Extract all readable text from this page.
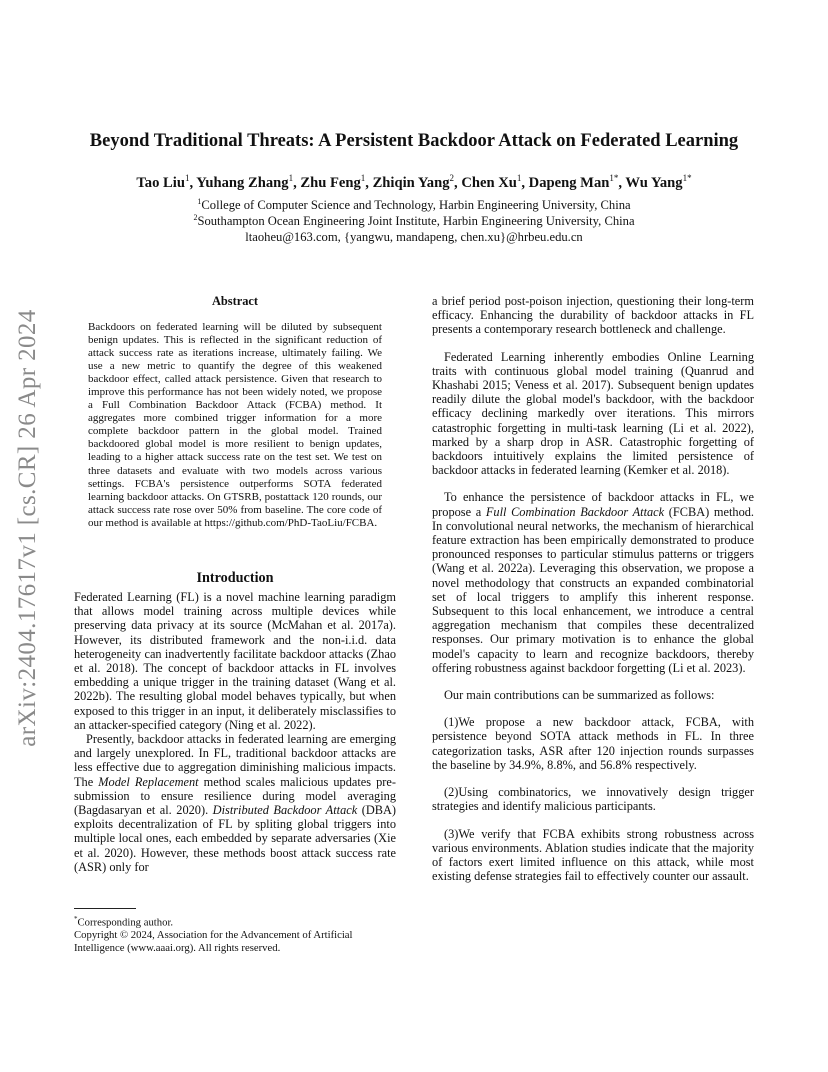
arXiv:2404.17617v1 [cs.CR] 26 Apr 2024
Beyond Traditional Threats: A Persistent Backdoor Attack on Federated Learning
Tao Liu$^1$, Yuhang Zhang$^1$, Zhu Feng$^1$, Zhiqin Yang$^2$, Chen Xu$^1$, Dapeng Man$^{1*}$, Wu Yang$^{1*}$
$^1$College of Computer Science and Technology, Harbin Engineering University, China
$^2$Southampton Ocean Engineering Joint Institute, Harbin Engineering University, China
ltaoheu@163.com, {yangwu, mandapeng, chen.xu}@hrbeu.edu.cn
Abstract
Backdoors on federated learning will be diluted by subsequent benign updates. This is reflected in the significant reduction of attack success rate as iterations increase, ultimately failing. We use a new metric to quantify the degree of this weakened backdoor effect, called attack persistence. Given that research to improve this performance has not been widely noted, we propose a Full Combination Backdoor Attack (FCBA) method. It aggregates more combined trigger information for a more complete backdoor pattern in the global model. Trained backdoored global model is more resilient to benign updates, leading to a higher attack success rate on the test set. We test on three datasets and evaluate with two models across various settings. FCBA's persistence outperforms SOTA federated learning backdoor attacks. On GTSRB, postattack 120 rounds, our attack success rate rose over 50% from baseline. The core code of our method is available at https://github.com/PhD-TaoLiu/FCBA.
Introduction

Federated Learning (FL) is a novel machine learning paradigm that allows model training across multiple devices while preserving data privacy at its source (McMahan et al. 2017a). However, its distributed framework and the non-i.i.d. data heterogeneity can inadvertently facilitate backdoor attacks (Zhao et al. 2018). The concept of backdoor attacks in FL involves embedding a unique trigger in the training dataset (Wang et al. 2022b). The resulting global model behaves typically, but when exposed to this trigger in an input, it deliberately misclassifies to an attacker-specified category (Ning et al. 2022).

Presently, backdoor attacks in federated learning are emerging and largely unexplored. In FL, traditional backdoor attacks are less effective due to aggregation diminishing malicious impacts. The Model Replacement method scales malicious updates pre-submission to ensure resilience during model averaging (Bagdasaryan et al. 2020). Distributed Backdoor Attack (DBA) exploits decentralization of FL by spliting global triggers into multiple local ones, each embedded by separate adversaries (Xie et al. 2020). However, these methods boost attack success rate (ASR) only for

*Corresponding author.
Copyright © 2024, Association for the Advancement of Artificial Intelligence (www.aaai.org). All rights reserved.

a brief period post-poison injection, questioning their long-term efficacy. Enhancing the durability of backdoor attacks in FL presents a contemporary research bottleneck and challenge.

Federated Learning inherently embodies Online Learning traits with continuous global model training (Quanrud and Khashabi 2015; Veness et al. 2017). Subsequent benign updates readily dilute the global model's backdoor, with the backdoor efficacy declining markedly over iterations. This mirrors catastrophic forgetting in multi-task learning (Li et al. 2022), marked by a sharp drop in ASR. Catastrophic forgetting of backdoors intuitively explains the limited persistence of backdoor attacks in federated learning (Kemker et al. 2018).

To enhance the persistence of backdoor attacks in FL, we propose a Full Combination Backdoor Attack (FCBA) method. In convolutional neural networks, the mechanism of hierarchical feature extraction has been empirically demonstrated to produce pronounced responses to particular stimulus patterns or triggers (Wang et al. 2022a). Leveraging this observation, we propose a novel methodology that constructs an expanded combinatorial set of local triggers to amplify this inherent response. Subsequent to this local enhancement, we introduce a central aggregation mechanism that compiles these decentralized responses. Our primary motivation is to enhance the global model's capacity to learn and recognize backdoors, thereby offering robustness against backdoor forgetting (Li et al. 2023).

Our main contributions can be summarized as follows:

(1)We propose a new backdoor attack, FCBA, with persistence beyond SOTA attack methods in FL. In three categorization tasks, ASR after 120 injection rounds surpasses the baseline by 34.9%, 8.8%, and 56.8% respectively.

(2)Using combinatorics, we innovatively design trigger strategies and identify malicious participants.

(3)We verify that FCBA exhibits strong robustness across various environments. Ablation studies indicate that the majority of factors exert limited influence on this attack, while most existing defense strategies fail to effectively counter our assault.
